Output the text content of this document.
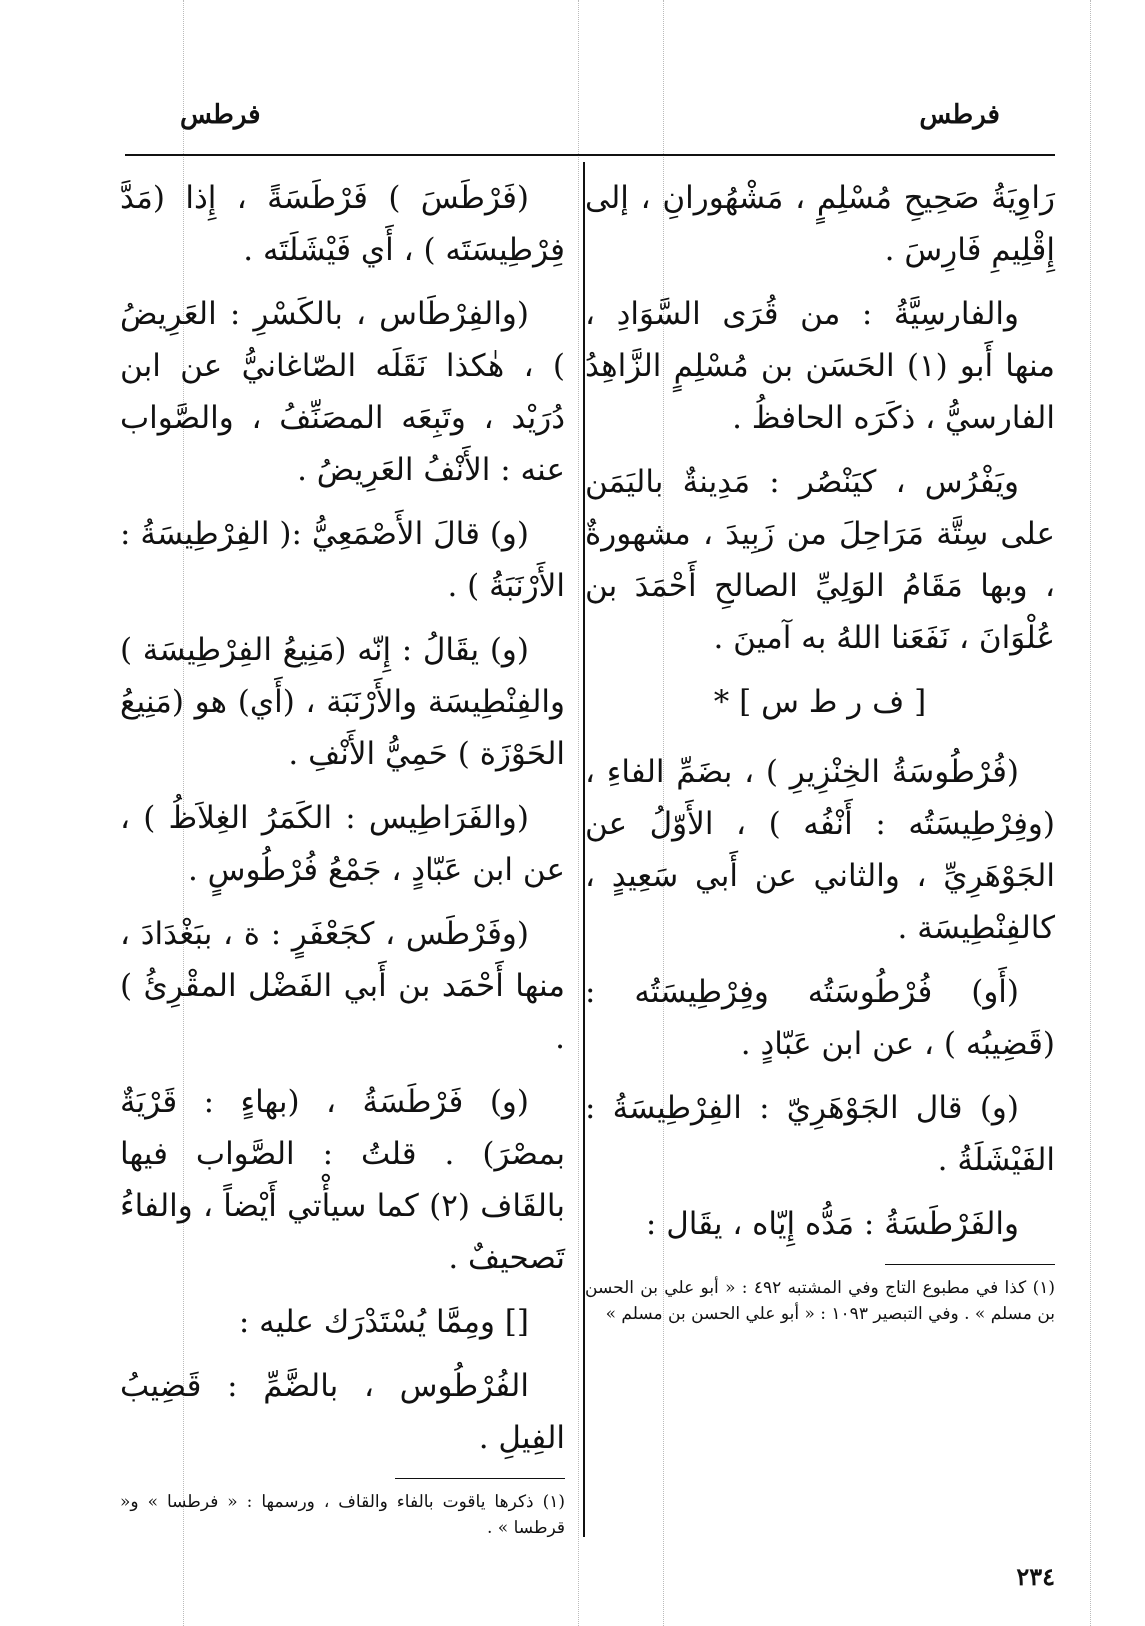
فرطس
فرطس

رَاوِيَةُ صَحِيحِ مُسْلِمٍ ، مَشْهُورانِ ، إلى إِقْلِيمِ فَارِسَ .

والفارسِيَّةُ : من قُرَى السَّوَادِ ، منها أَبو (١) الحَسَن بن مُسْلِمٍ الزَّاهِدُ الفارسيُّ ، ذكَرَه الحافظُ .

ويَفْرُس ، كيَنْصُر : مَدِينةٌ باليَمَن على سِتَّة مَرَاحِلَ من زَبِيدَ ، مشهورةٌ ، وبها مَقَامُ الوَلِيِّ الصالحِ أَحْمَدَ بن عُلْوَانَ ، نَفَعَنا اللهُ به آمينَ .

[ ف ر ط س ] *

(فُرْطُوسَةُ الخِنْزِيرِ ) ، بضَمِّ الفاءِ ، (وفِرْطِيسَتُه : أَنْفُه ) ، الأَوّلُ عن الجَوْهَرِيِّ ، والثاني عن أَبي سَعِيدٍ ، كالفِنْطِيسَة .

(أَو) فُرْطُوسَتُه وفِرْطِيسَتُه : (قَضِيبُه ) ، عن ابن عَبّادٍ .

(و) قال الجَوْهَرِيّ : الفِرْطِيسَةُ : الفَيْشَلَةُ .

والفَرْطَسَةُ : مَدُّه إِيّاه ، يقَال :

(١) كذا في مطبوع التاج وفي المشتبه ٤٩٢ : « أبو علي بن الحسن بن مسلم » . وفي التبصير ١٠٩٣ : « أبو علي الحسن بن مسلم »

(فَرْطَسَ ) فَرْطَسَةً ، إِذا (مَدَّ فِرْطِيسَتَه ) ، أَي فَيْشَلَتَه .

(والفِرْطَاس ، بالكَسْرِ : العَرِيضُ ) ، هٰكذا نَقَلَه الصّاغانيُّ عن ابن دُرَيْد ، وتَبِعَه المصَنِّفُ ، والصَّواب عنه : الأَنْفُ العَرِيضُ .

(و) قالَ الأَصْمَعِيُّ :( الفِرْطِيسَةُ : الأَرْنَبَةُ ) .

(و) يقَالُ : إِنّه (مَنِيعُ الفِرْطِيسَة ) والفِنْطِيسَة والأَرْنَبَة ، (أَي) هو (مَنِيعُ الحَوْزَة ) حَمِيُّ الأَنْفِ .

(والفَرَاطِيس : الكَمَرُ الغِلاَظُ ) ، عن ابن عَبّادٍ ، جَمْعُ فُرْطُوسٍ .

(وفَرْطَس ، كجَعْفَرٍ : ة ، ببَغْدَادَ ، منها أَحْمَد بن أَبي الفَضْل المقْرِئُ ) .

(و) فَرْطَسَةُ ، (بهاءٍ : قَرْيَةٌ بمصْرَ) . قلتُ : الصَّواب فيها بالقَاف (٢) كما سيأْتي أَيْضاً ، والفاءُ تَصحيفٌ .

[] ومِمَّا يُسْتَدْرَك عليه :

الفُرْطُوس ، بالضَّمِّ : قَضِيبُ الفِيلِ .

(١) ذكرها ياقوت بالفاء والقاف ، ورسمها : « فرطسا » و« قرطسا » .

٢٣٤
